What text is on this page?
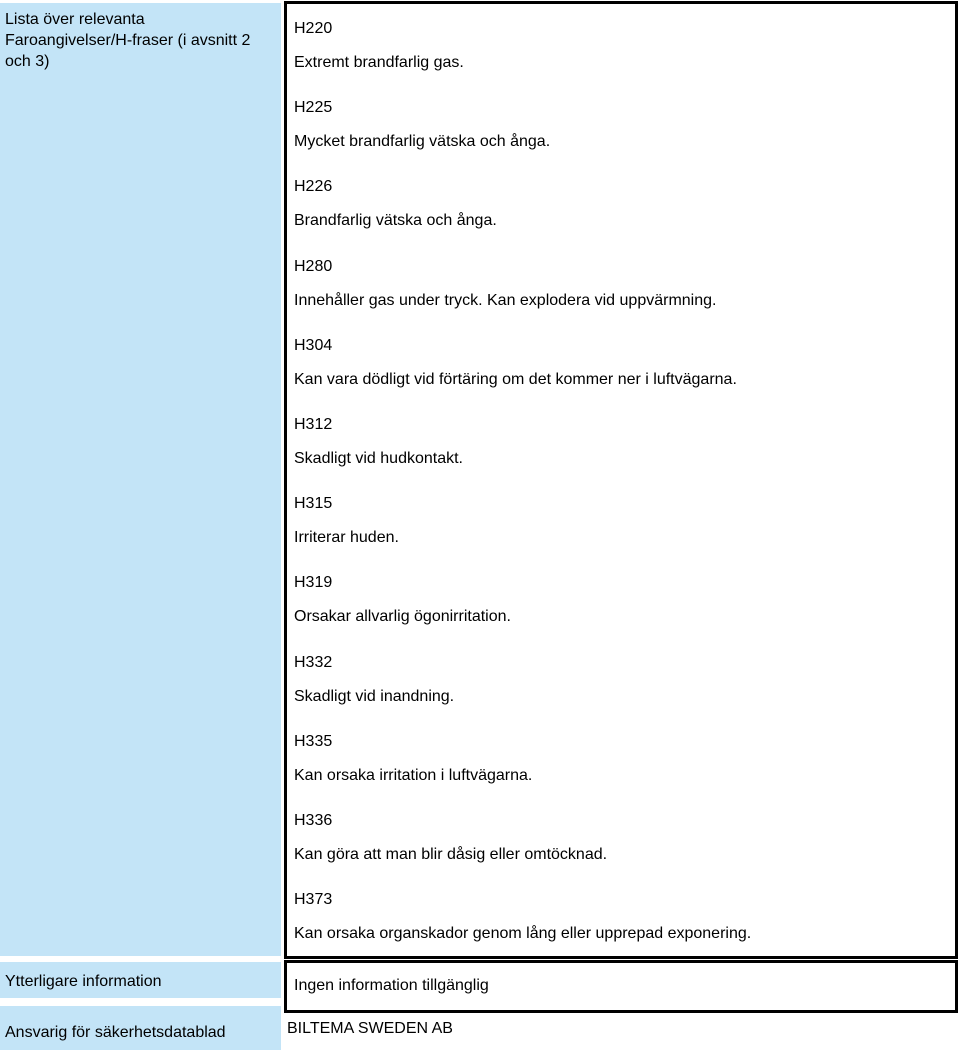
Lista över relevanta Faroangivelser/H-fraser (i avsnitt 2 och 3)
H220
Extremt brandfarlig gas.
H225
Mycket brandfarlig vätska och ånga.
H226
Brandfarlig vätska och ånga.
H280
Innehåller gas under tryck. Kan explodera vid uppvärmning.
H304
Kan vara dödligt vid förtäring om det kommer ner i luftvägarna.
H312
Skadligt vid hudkontakt.
H315
Irriterar huden.
H319
Orsakar allvarlig ögonirritation.
H332
Skadligt vid inandning.
H335
Kan orsaka irritation i luftvägarna.
H336
Kan göra att man blir dåsig eller omtöcknad.
H373
Kan orsaka organskador genom lång eller upprepad exponering.
Ytterligare information	Ingen information tillgänglig
Ansvarig för säkerhetsdatablad	BILTEMA SWEDEN AB
